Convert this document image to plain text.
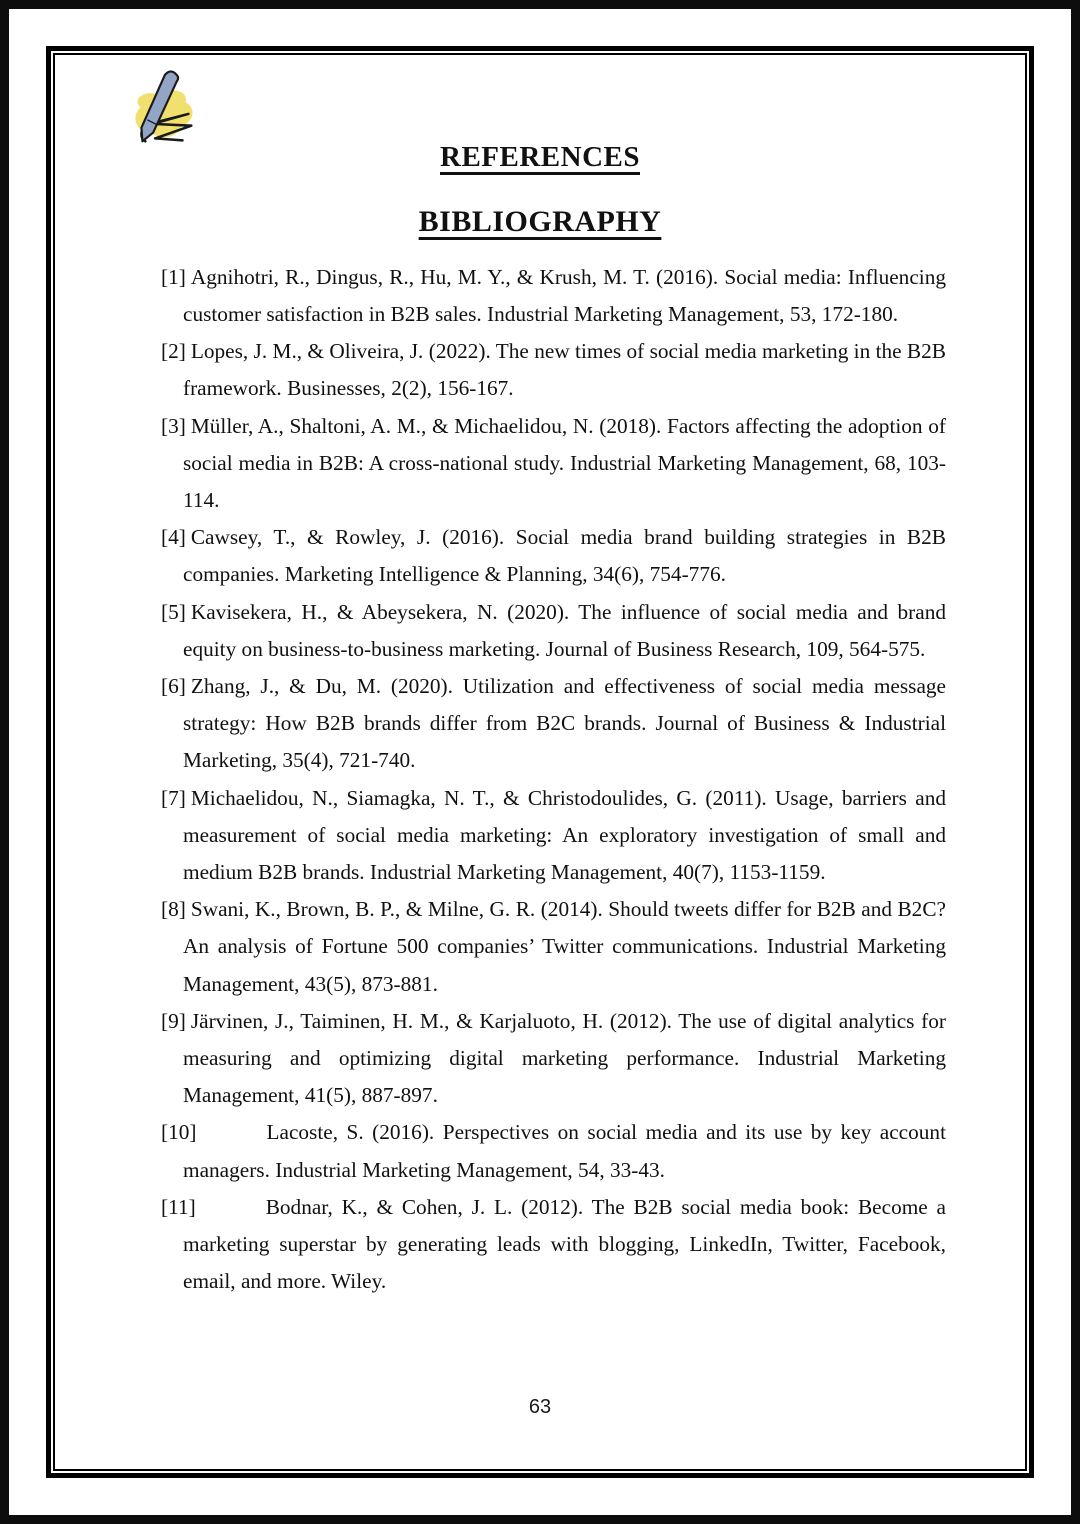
REFERENCES
BIBLIOGRAPHY

[1] Agnihotri, R., Dingus, R., Hu, M. Y., & Krush, M. T. (2016). Social media: Influencing customer satisfaction in B2B sales. Industrial Marketing Management, 53, 172-180.

[2] Lopes, J. M., & Oliveira, J. (2022). The new times of social media marketing in the B2B framework. Businesses, 2(2), 156-167.

[3] Müller, A., Shaltoni, A. M., & Michaelidou, N. (2018). Factors affecting the adoption of social media in B2B: A cross-national study. Industrial Marketing Management, 68, 103-114.

[4] Cawsey, T., & Rowley, J. (2016). Social media brand building strategies in B2B companies. Marketing Intelligence & Planning, 34(6), 754-776.

[5] Kavisekera, H., & Abeysekera, N. (2020). The influence of social media and brand equity on business-to-business marketing. Journal of Business Research, 109, 564-575.

[6] Zhang, J., & Du, M. (2020). Utilization and effectiveness of social media message strategy: How B2B brands differ from B2C brands. Journal of Business & Industrial Marketing, 35(4), 721-740.

[7] Michaelidou, N., Siamagka, N. T., & Christodoulides, G. (2011). Usage, barriers and measurement of social media marketing: An exploratory investigation of small and medium B2B brands. Industrial Marketing Management, 40(7), 1153-1159.

[8] Swani, K., Brown, B. P., & Milne, G. R. (2014). Should tweets differ for B2B and B2C? An analysis of Fortune 500 companies’ Twitter communications. Industrial Marketing Management, 43(5), 873-881.

[9] Järvinen, J., Taiminen, H. M., & Karjaluoto, H. (2012). The use of digital analytics for measuring and optimizing digital marketing performance. Industrial Marketing Management, 41(5), 887-897.

[10]	Lacoste, S. (2016). Perspectives on social media and its use by key account managers. Industrial Marketing Management, 54, 33-43.

[11]	Bodnar, K., & Cohen, J. L. (2012). The B2B social media book: Become a marketing superstar by generating leads with blogging, LinkedIn, Twitter, Facebook, email, and more. Wiley.

63
